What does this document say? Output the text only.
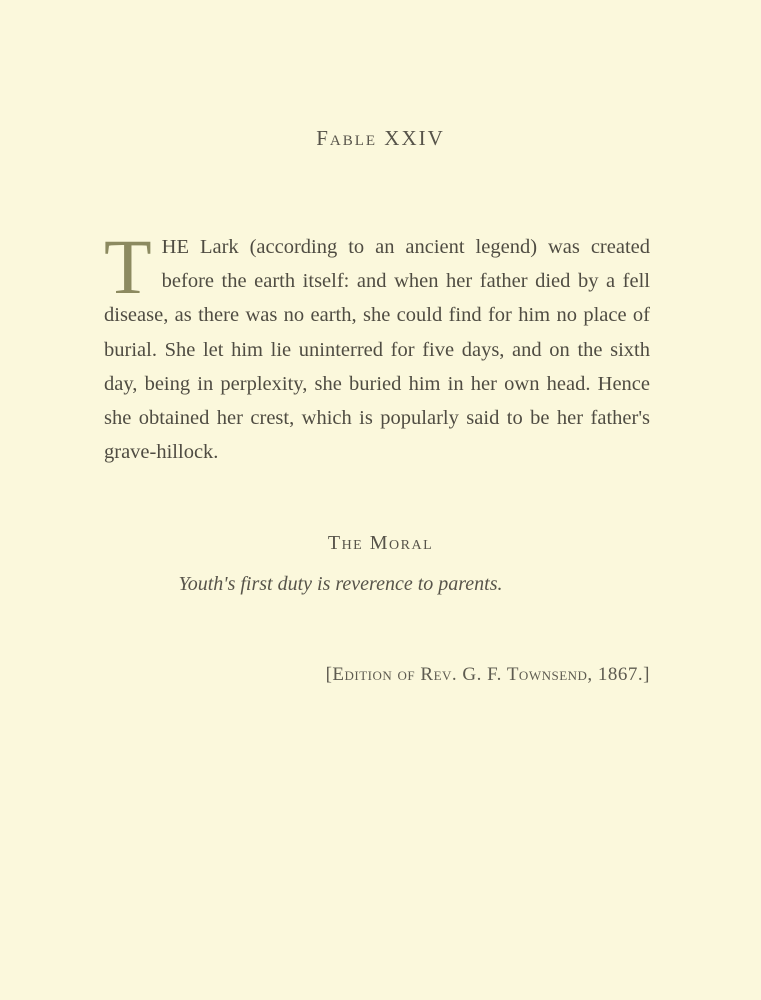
Fable XXIV
THE Lark (according to an ancient legend) was created before the earth itself: and when her father died by a fell disease, as there was no earth, she could find for him no place of burial. She let him lie uninterred for five days, and on the sixth day, being in perplexity, she buried him in her own head. Hence she obtained her crest, which is popularly said to be her father's grave-hillock.
The Moral
Youth's first duty is reverence to parents.
[Edition of Rev. G. F. Townsend, 1867.]
